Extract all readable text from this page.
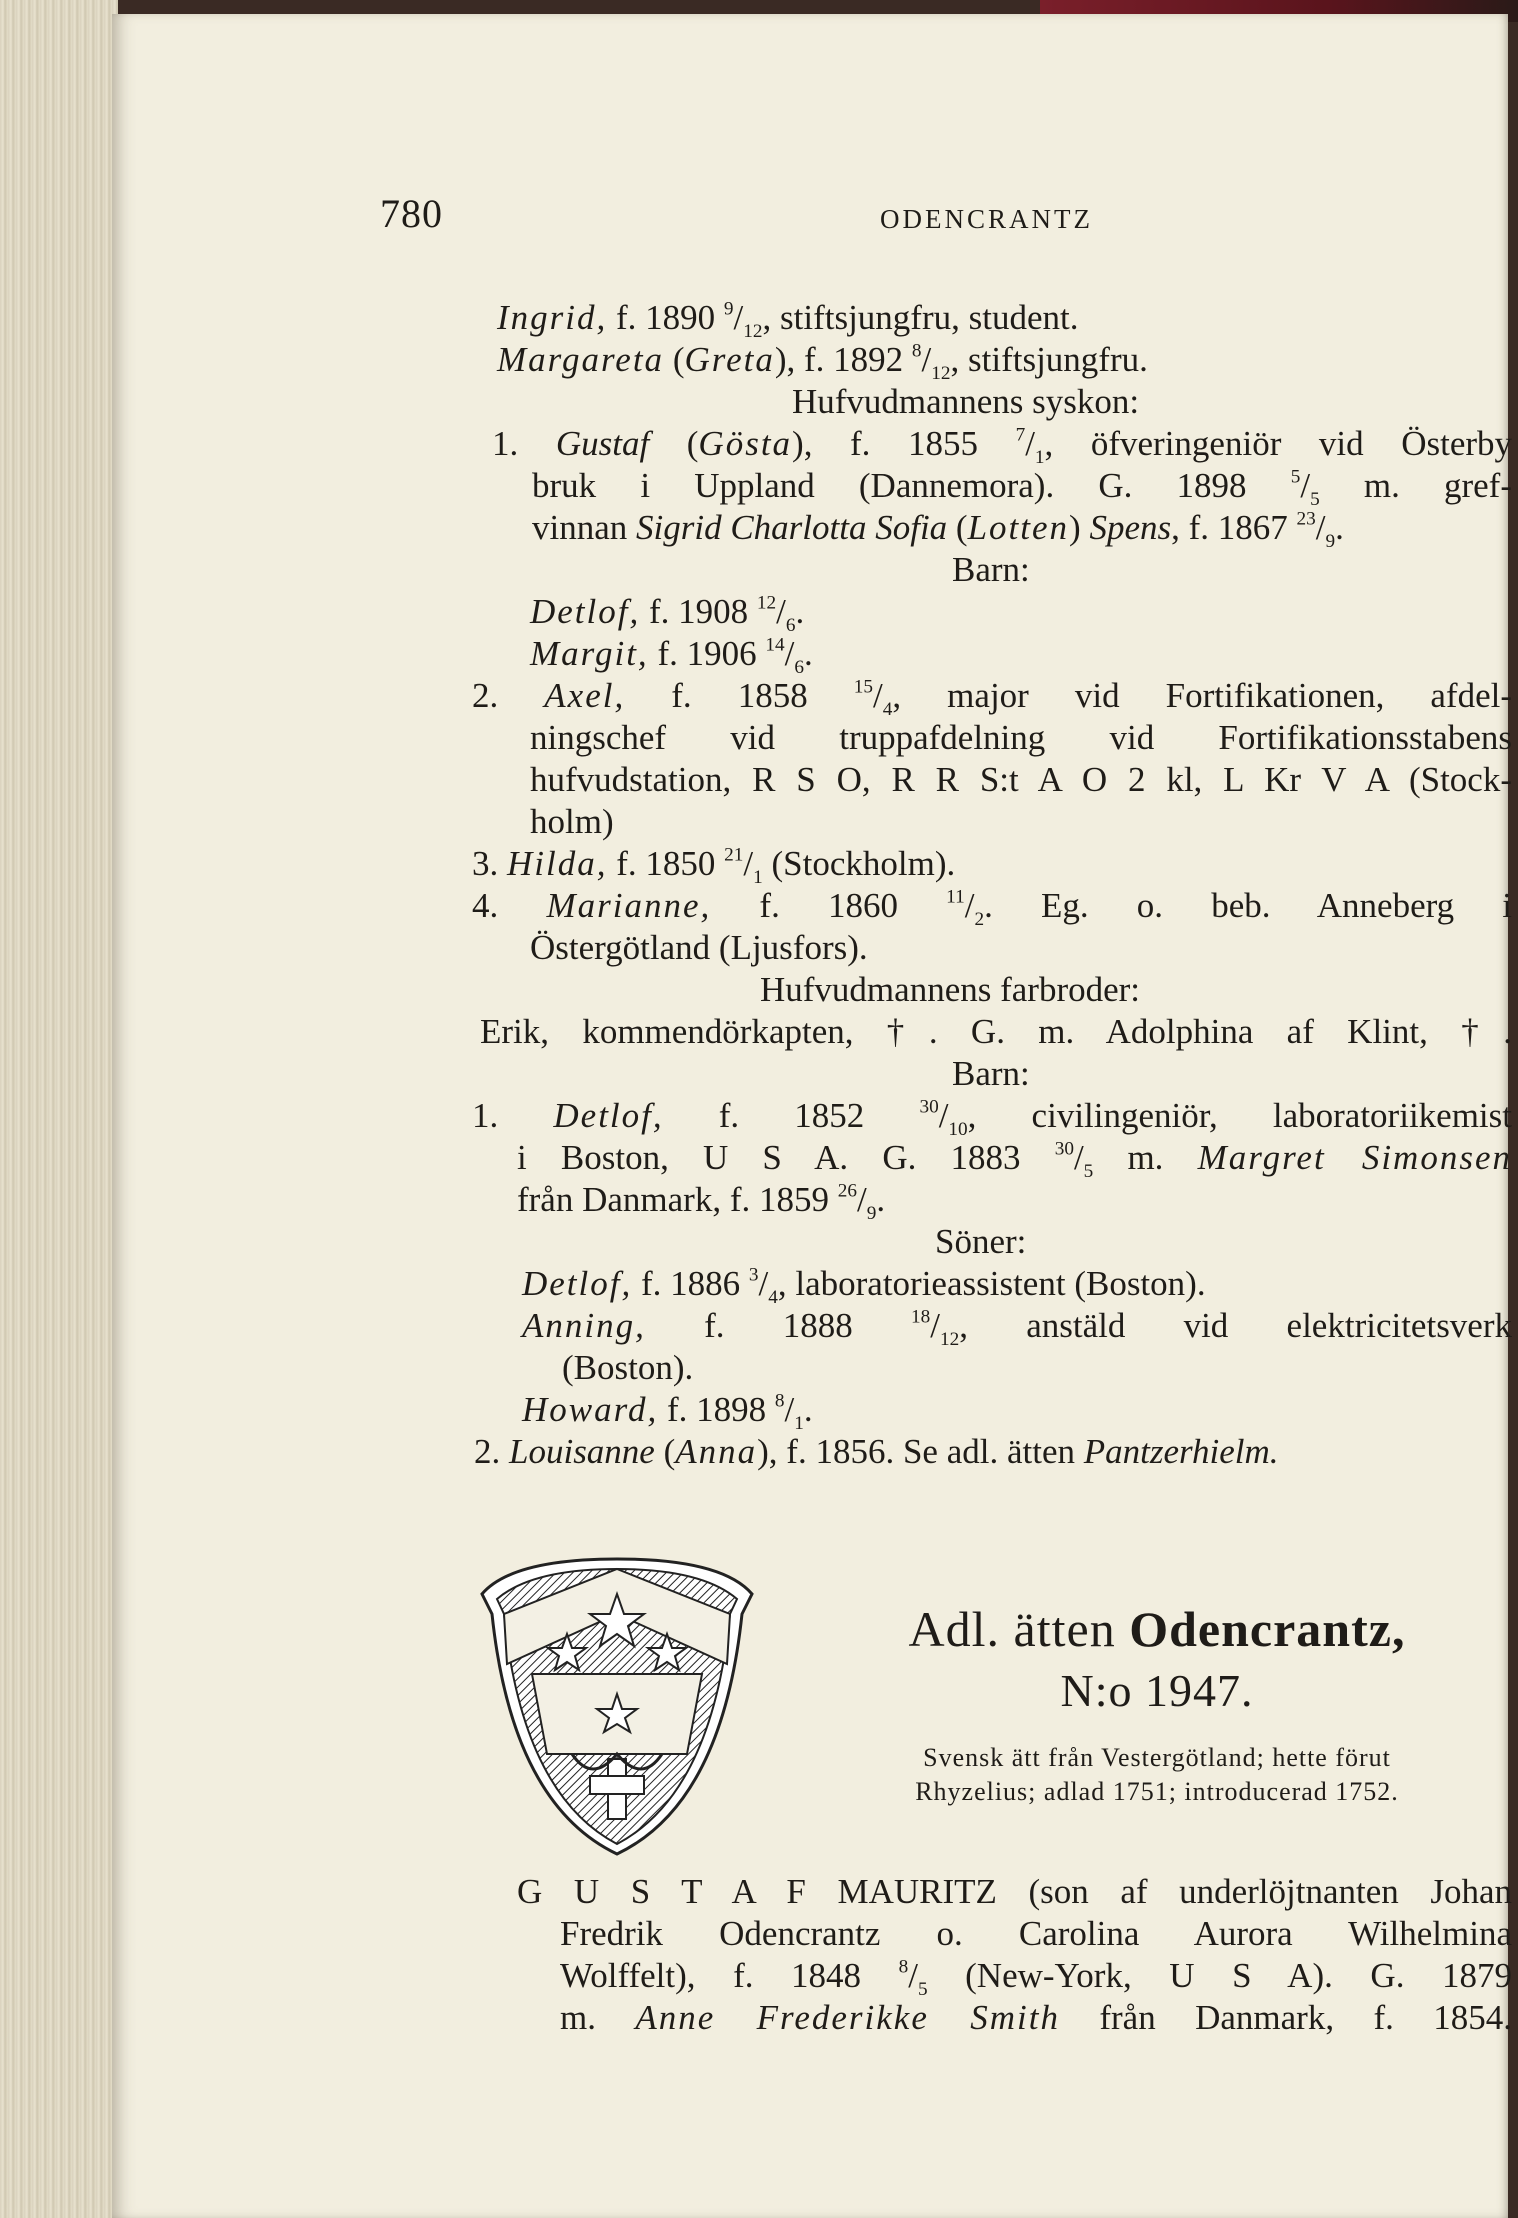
780	ODENCRANTZ
Ingrid, f. 1890 $^9/_{12}$, stiftsjungfru, student.
Margareta (Greta), f. 1892 $^8/_{12}$, stiftsjungfru.
Hufvudmannens syskon:
1. Gustaf (Gösta), f. 1855 $^7/_1$, öfveringeniör vid Österby
bruk i Uppland (Dannemora). G. 1898 $^5/_5$ m. gref-
vinnan Sigrid Charlotta Sofia (Lotten) Spens, f. 1867 $^{23}/_9$.
Barn:
Detlof, f. 1908 $^{12}/_6$.
Margit, f. 1906 $^{14}/_6$.
2. Axel, f. 1858 $^{15}/_4$, major vid Fortifikationen, afdel-
ningschef vid truppafdelning vid Fortifikationsstabens
hufvudstation, R S O, R R S:t A O 2 kl, L Kr V A (Stock-
holm)
3. Hilda, f. 1850 $^{21}/_1$ (Stockholm).
4. Marianne, f. 1860 $^{11}/_2$. Eg. o. beb. Anneberg i
Östergötland (Ljusfors).
Hufvudmannens farbroder:
Erik, kommendörkapten, †. G. m. Adolphina af Klint, †.
Barn:
1. Detlof, f. 1852 $^{30}/_{10}$, civilingeniör, laboratoriikemist
i Boston, U S A. G. 1883 $^{30}/_5$ m. Margret Simonsen
från Danmark, f. 1859 $^{26}/_9$.
Söner:
Detlof, f. 1886 $^3/_4$, laboratorieassistent (Boston).
Anning, f. 1888 $^{18}/_{12}$, anstäld vid elektricitetsverk
(Boston).
Howard, f. 1898 $^8/_1$.
2. Louisanne (Anna), f. 1856. Se adl. ätten Pantzerhielm.
Adl. ätten Odencrantz,
N:o 1947.
Svensk ätt från Vestergötland; hette förut
Rhyzelius; adlad 1751; introducerad 1752.
G U S T A F MAURITZ (son af underlöjtnanten Johan
Fredrik Odencrantz o. Carolina Aurora Wilhelmina
Wolffelt), f. 1848 $^8/_5$ (New-York, U S A). G. 1879
m. Anne Frederikke Smith från Danmark, f. 1854.
